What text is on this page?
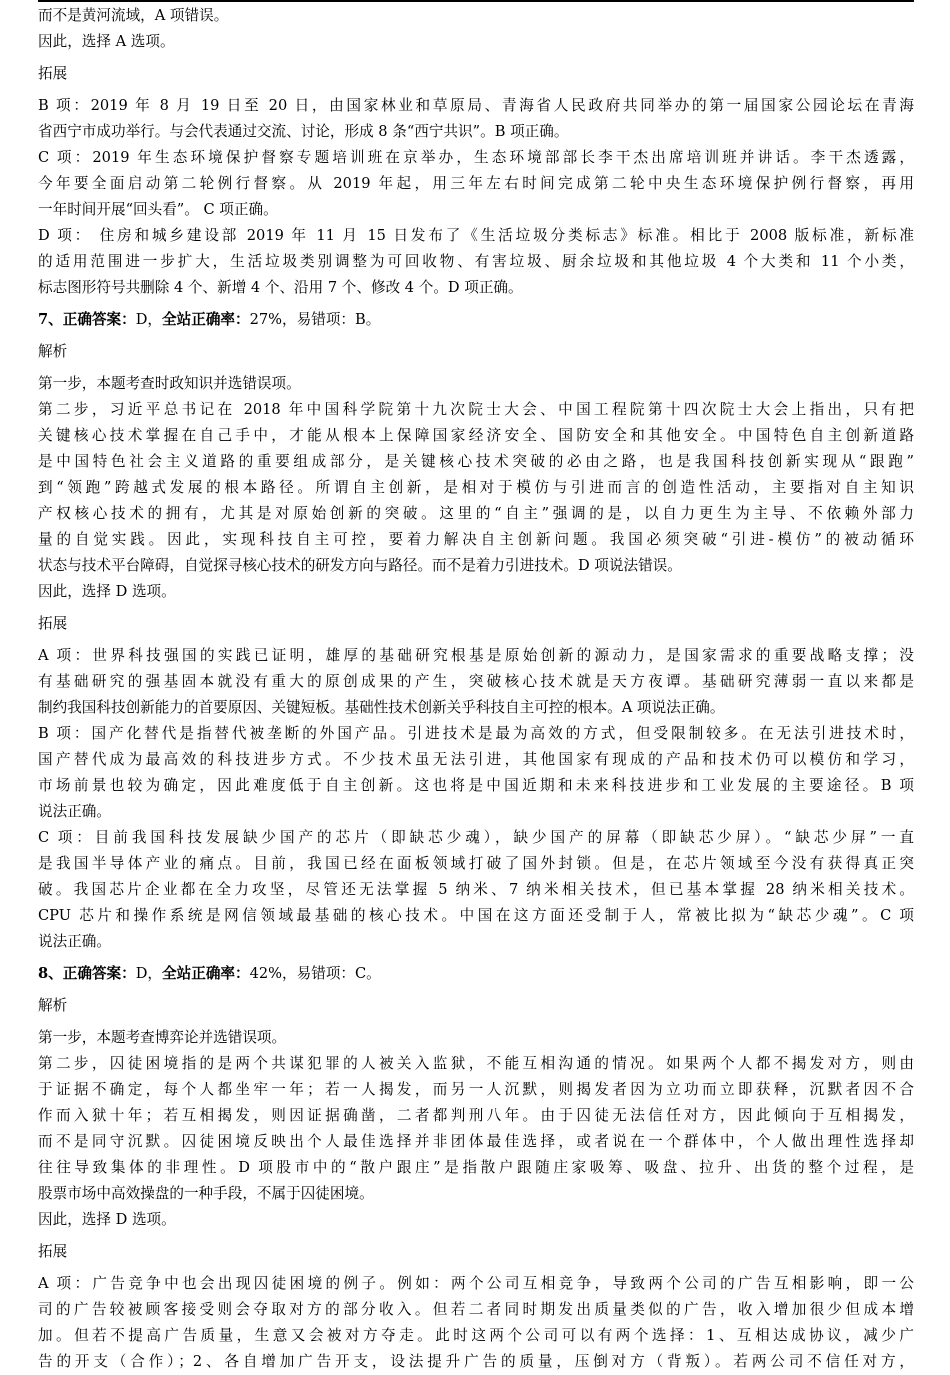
而不是黄河流域，A 项错误。
因此，选择 A 选项。
拓展
B 项：2019 年 8 月 19 日至 20 日，由国家林业和草原局、青海省人民政府共同举办的第一届国家公园论坛在青海
省西宁市成功举行。与会代表通过交流、讨论，形成 8 条“西宁共识”。B 项正确。
C 项：2019 年生态环境保护督察专题培训班在京举办，生态环境部部长李干杰出席培训班并讲话。李干杰透露，
今年要全面启动第二轮例行督察。从 2019 年起，用三年左右时间完成第二轮中央生态环境保护例行督察，再用
一年时间开展“回头看”。 C 项正确。
D 项： 住房和城乡建设部 2019 年 11 月 15 日发布了《生活垃圾分类标志》标准。相比于 2008 版标准，新标准
的适用范围进一步扩大，生活垃圾类别调整为可回收物、有害垃圾、厨余垃圾和其他垃圾 4 个大类和 11 个小类，
标志图形符号共删除 4 个、新增 4 个、沿用 7 个、修改 4 个。D 项正确。
7、正确答案：D，全站正确率：27%，易错项：B。
解析
第一步，本题考查时政知识并选错误项。
第二步，习近平总书记在 2018 年中国科学院第十九次院士大会、中国工程院第十四次院士大会上指出，只有把
关键核心技术掌握在自己手中，才能从根本上保障国家经济安全、国防安全和其他安全。中国特色自主创新道路
是中国特色社会主义道路的重要组成部分，是关键核心技术突破的必由之路，也是我国科技创新实现从“跟跑”
到“领跑”跨越式发展的根本路径。所谓自主创新，是相对于模仿与引进而言的创造性活动，主要指对自主知识
产权核心技术的拥有，尤其是对原始创新的突破。这里的“自主”强调的是，以自力更生为主导、不依赖外部力
量的自觉实践。因此，实现科技自主可控，要着力解决自主创新问题。我国必须突破“引进-模仿”的被动循环
状态与技术平台障碍，自觉探寻核心技术的研发方向与路径。而不是着力引进技术。D 项说法错误。
因此，选择 D 选项。
拓展
A 项：世界科技强国的实践已证明，雄厚的基础研究根基是原始创新的源动力，是国家需求的重要战略支撑；没
有基础研究的强基固本就没有重大的原创成果的产生，突破核心技术就是天方夜谭。基础研究薄弱一直以来都是
制约我国科技创新能力的首要原因、关键短板。基础性技术创新关乎科技自主可控的根本。A 项说法正确。
B 项：国产化替代是指替代被垄断的外国产品。引进技术是最为高效的方式，但受限制较多。在无法引进技术时，
国产替代成为最高效的科技进步方式。不少技术虽无法引进，其他国家有现成的产品和技术仍可以模仿和学习，
市场前景也较为确定，因此难度低于自主创新。这也将是中国近期和未来科技进步和工业发展的主要途径。B 项
说法正确。
C 项：目前我国科技发展缺少国产的芯片（即缺芯少魂），缺少国产的屏幕（即缺芯少屏）。“缺芯少屏”一直
是我国半导体产业的痛点。目前，我国已经在面板领域打破了国外封锁。但是，在芯片领域至今没有获得真正突
破。我国芯片企业都在全力攻坚，尽管还无法掌握 5 纳米、7 纳米相关技术，但已基本掌握 28 纳米相关技术。
CPU 芯片和操作系统是网信领域最基础的核心技术。中国在这方面还受制于人，常被比拟为“缺芯少魂”。C 项
说法正确。
8、正确答案：D，全站正确率：42%，易错项：C。
解析
第一步，本题考查博弈论并选错误项。
第二步，囚徒困境指的是两个共谋犯罪的人被关入监狱，不能互相沟通的情况。如果两个人都不揭发对方，则由
于证据不确定，每个人都坐牢一年；若一人揭发，而另一人沉默，则揭发者因为立功而立即获释，沉默者因不合
作而入狱十年；若互相揭发，则因证据确凿，二者都判刑八年。由于囚徒无法信任对方，因此倾向于互相揭发，
而不是同守沉默。囚徒困境反映出个人最佳选择并非团体最佳选择，或者说在一个群体中，个人做出理性选择却
往往导致集体的非理性。D 项股市中的“散户跟庄”是指散户跟随庄家吸筹、吸盘、拉升、出货的整个过程，是
股票市场中高效操盘的一种手段，不属于囚徒困境。
因此，选择 D 选项。
拓展
A 项：广告竞争中也会出现囚徒困境的例子。例如：两个公司互相竞争，导致两个公司的广告互相影响，即一公
司的广告较被顾客接受则会夺取对方的部分收入。但若二者同时期发出质量类似的广告，收入增加很少但成本增
加。但若不提高广告质量，生意又会被对方夺走。此时这两个公司可以有两个选择：1、互相达成协议，减少广
告的开支（合作）；2、各自增加广告开支，设法提升广告的质量，压倒对方（背叛）。若两公司不信任对方，
